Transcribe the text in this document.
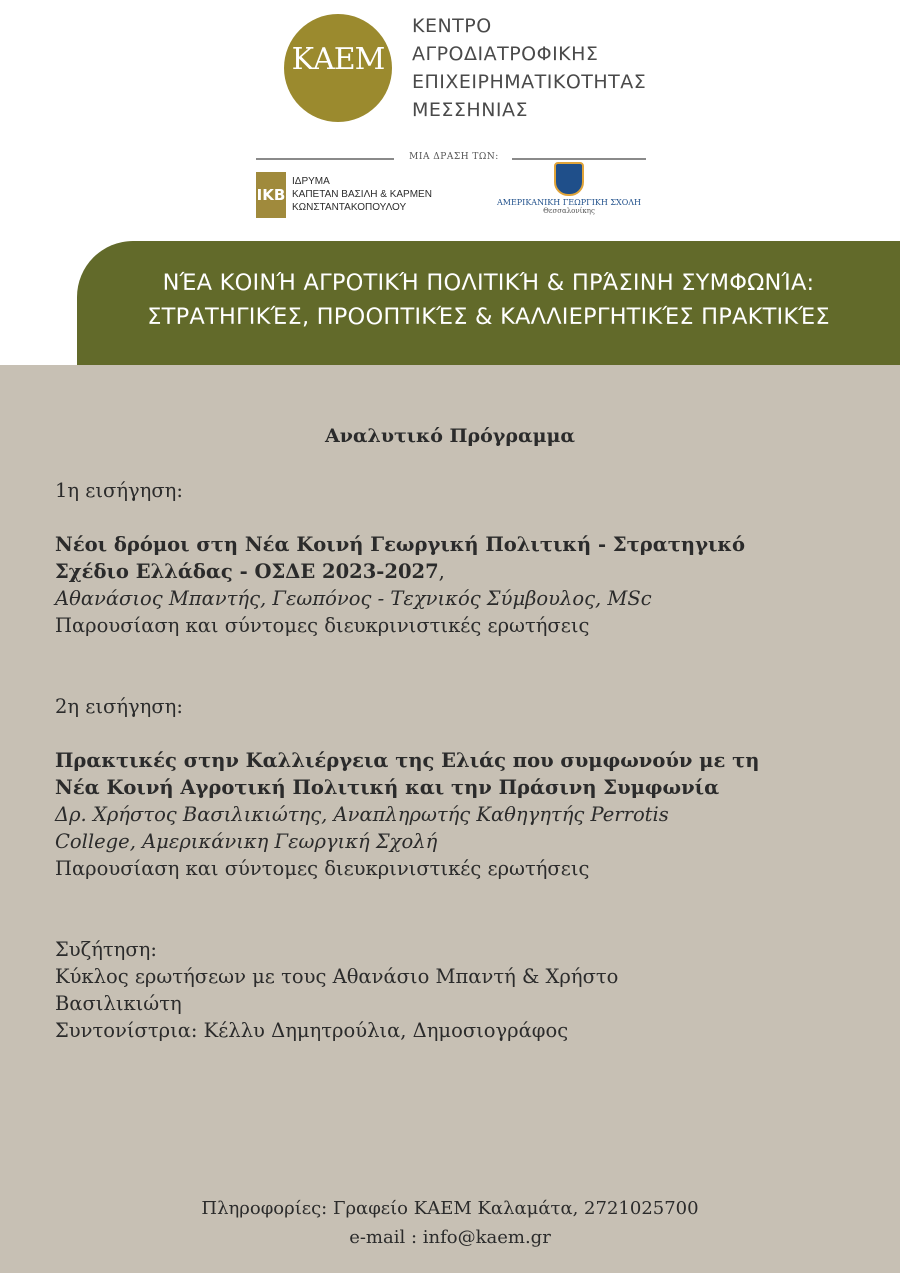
ΚΑΕΜ
ΚΕΝΤΡΟ
ΑΓΡΟΔΙΑΤΡΟΦΙΚΗΣ
ΕΠΙΧΕΙΡΗΜΑΤΙΚΟΤΗΤΑΣ
ΜΕΣΣΗΝΙΑΣ
ΜΙΑ ΔΡΑΣΗ ΤΩΝ:
ΙΚΒ
ΙΔΡΥΜΑ
ΚΑΠΕΤΑΝ ΒΑΣΙΛΗ & ΚΑΡΜΕΝ
ΚΩΝΣΤΑΝΤΑΚΟΠΟΥΛΟΥ	ΑΜΕΡΙΚΑΝΙΚΗ ΓΕΩΡΓΙΚΗ ΣΧΟΛΗ
Θεσσαλονίκης
ΝΈΑ ΚΟΙΝΉ ΑΓΡΟΤΙΚΉ ΠΟΛΙΤΙΚΉ & ΠΡΆΣΙΝΗ ΣΥΜΦΩΝΊΑ:
ΣΤΡΑΤΗΓΙΚΈΣ, ΠΡΟΟΠΤΙΚΈΣ & ΚΑΛΛΙΕΡΓΗΤΙΚΈΣ ΠΡΑΚΤΙΚΈΣ
Αναλυτικό Πρόγραμμα
1η εισήγηση:
Νέοι δρόμοι στη Νέα Κοινή Γεωργική Πολιτική - Στρατηγικό
Σχέδιο Ελλάδας - ΟΣΔΕ 2023-2027,
Αθανάσιος Μπαντής, Γεωπόνος - Τεχνικός Σύμβουλος, MSc
Παρουσίαση και σύντομες διευκρινιστικές ερωτήσεις
2η εισήγηση:
Πρακτικές στην Καλλιέργεια της Ελιάς που συμφωνούν με τη
Νέα Κοινή Αγροτική Πολιτική και την Πράσινη Συμφωνία
Δρ. Χρήστος Βασιλικιώτης, Αναπληρωτής Καθηγητής Perrotis
College, Αμερικάνικη Γεωργική Σχολή
Παρουσίαση και σύντομες διευκρινιστικές ερωτήσεις
Συζήτηση:
Κύκλος ερωτήσεων με τους Αθανάσιο Μπαντή & Χρήστο
Βασιλικιώτη
Συντονίστρια: Κέλλυ Δημητρούλια, Δημοσιογράφος
Πληροφορίες: Γραφείο ΚΑΕΜ Καλαμάτα, 2721025700
e-mail : info@kaem.gr
